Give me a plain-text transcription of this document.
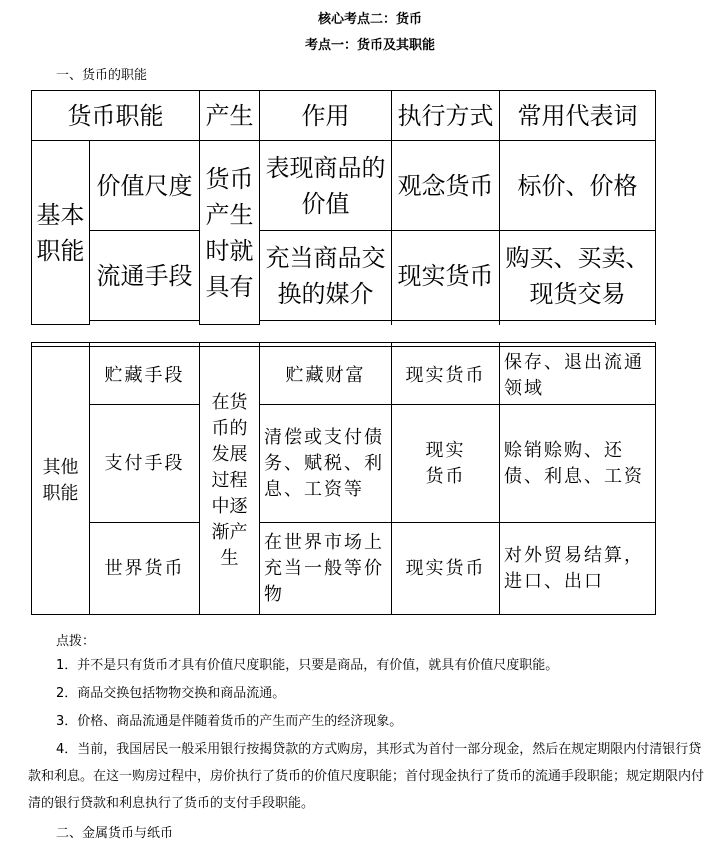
核心考点二：货币
考点一：货币及其职能
一、货币的职能
货币职能		产生	作用	执行方式	常用代表词
基本职能	价值尺度	货币产生时就具有	表现商品的价值	观念货币	标价、价格
	流通手段		充当商品交换的媒介	现实货币	购买、买卖、现货交易

其他职能	贮藏手段	在货币的发展过程中逐渐产生	贮藏财富	现实货币	保存、退出流通领域
	支付手段		清偿或支付债务、赋税、利息、工资等	现实货币	赊销赊购、还债、利息、工资
	世界货币		在世界市场上充当一般等价物	现实货币	对外贸易结算，进口、出口
点拨：
1．并不是只有货币才具有价值尺度职能，只要是商品，有价值，就具有价值尺度职能。
2．商品交换包括物物交换和商品流通。
3．价格、商品流通是伴随着货币的产生而产生的经济现象。
4．当前，我国居民一般采用银行按揭贷款的方式购房，其形式为首付一部分现金，然后在规定期限内付清银行贷款和利息。在这一购房过程中，房价执行了货币的价值尺度职能；首付现金执行了货币的流通手段职能；规定期限内付清的银行贷款和利息执行了货币的支付手段职能。
二、金属货币与纸币
